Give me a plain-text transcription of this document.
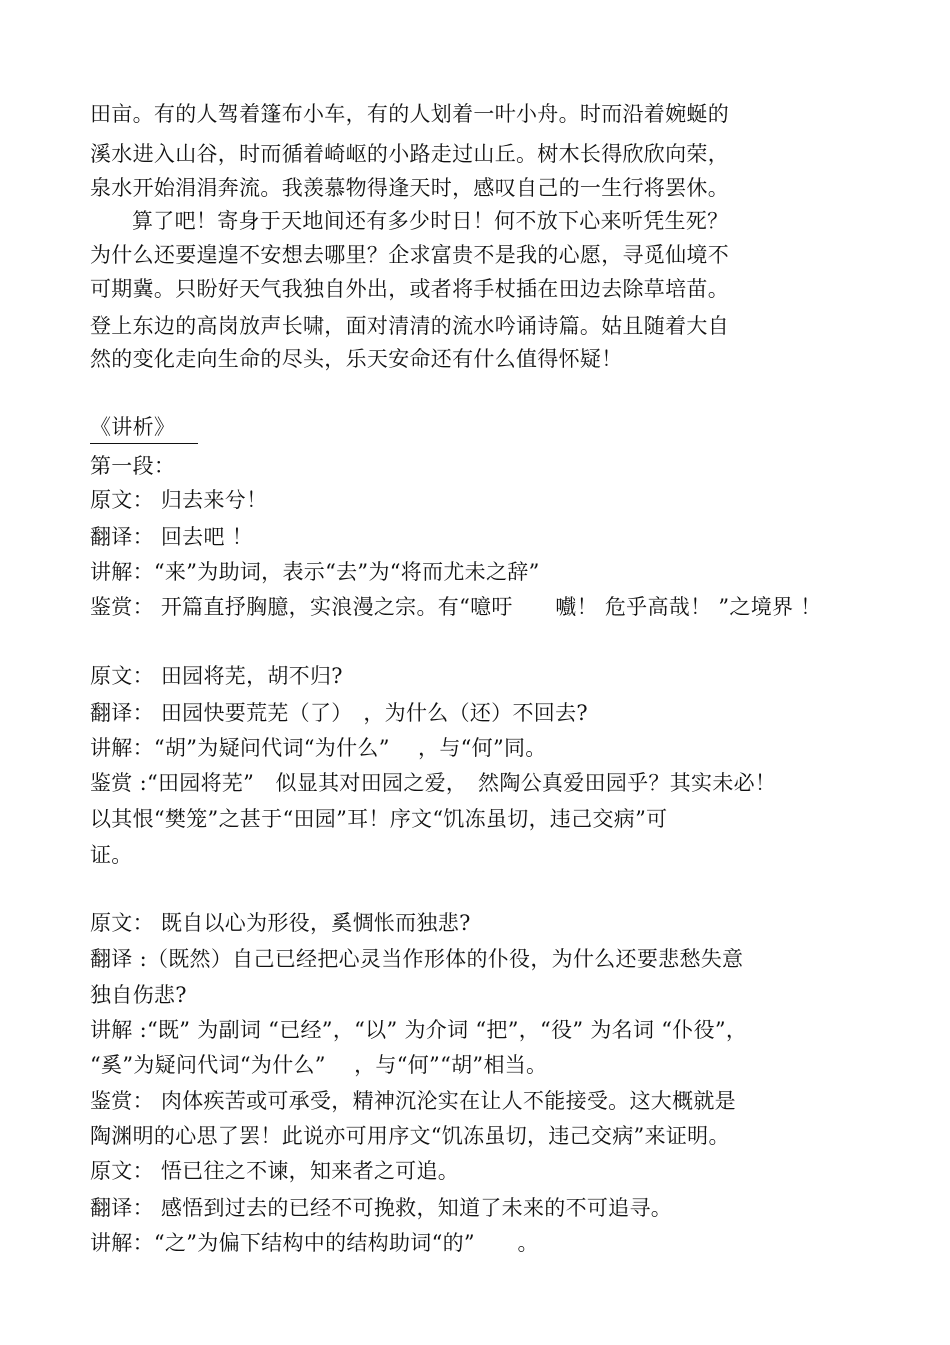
田亩。有的人驾着篷布小车，有的人划着一叶小舟。时而沿着婉蜒的
溪水进入山谷，时而循着崎岖的小路走过山丘。树木长得欣欣向荣，
泉水开始涓涓奔流。我羡慕物得逢天时，感叹自己的一生行将罢休。
算了吧！寄身于天地间还有多少时日！何不放下心来听凭生死？
为什么还要遑遑不安想去哪里？企求富贵不是我的心愿，寻觅仙境不
可期冀。只盼好天气我独自外出，或者将手杖插在田边去除草培苗。
登上东边的高岗放声长啸，面对清清的流水吟诵诗篇。姑且随着大自
然的变化走向生命的尽头，乐天安命还有什么值得怀疑！
《讲析》
第一段：
原文： 归去来兮！
翻译： 回去吧 ！
讲解：“来”为助词，表示“去”为“将而尤未之辞”
鉴赏： 开篇直抒胸臆，实浪漫之宗。有“噫吁　　嚱！ 危乎高哉！ ”之境界 ！
原文： 田园将芜，胡不归?
翻译： 田园快要荒芜（了）　，为什么（还）不回去?
讲解：“胡”为疑问代词“为什么”　 ，与“何”同。
鉴赏 :“田园将芜”　似显其对田园之爱，　然陶公真爱田园乎？其实未必！
以其恨“樊笼”之甚于“田园”耳！序文“饥冻虽切，违己交病”可
证。
原文： 既自以心为形役，奚惆怅而独悲?
翻译 :（既然）自己已经把心灵当作形体的仆役，为什么还要悲愁失意
独自伤悲?
讲解 :“既” 为副词 “已经”，“以” 为介词 “把”，“役” 为名词 “仆役”，
“奚”为疑问代词“为什么”　 ，与“何”“胡”相当。
鉴赏： 肉体疾苦或可承受，精神沉沦实在让人不能接受。这大概就是
陶渊明的心思了罢！此说亦可用序文“饥冻虽切，违己交病”来证明。
原文： 悟已往之不谏，知来者之可追。
翻译： 感悟到过去的已经不可挽救，知道了未来的不可追寻。
讲解：“之”为偏下结构中的结构助词“的”　　。
